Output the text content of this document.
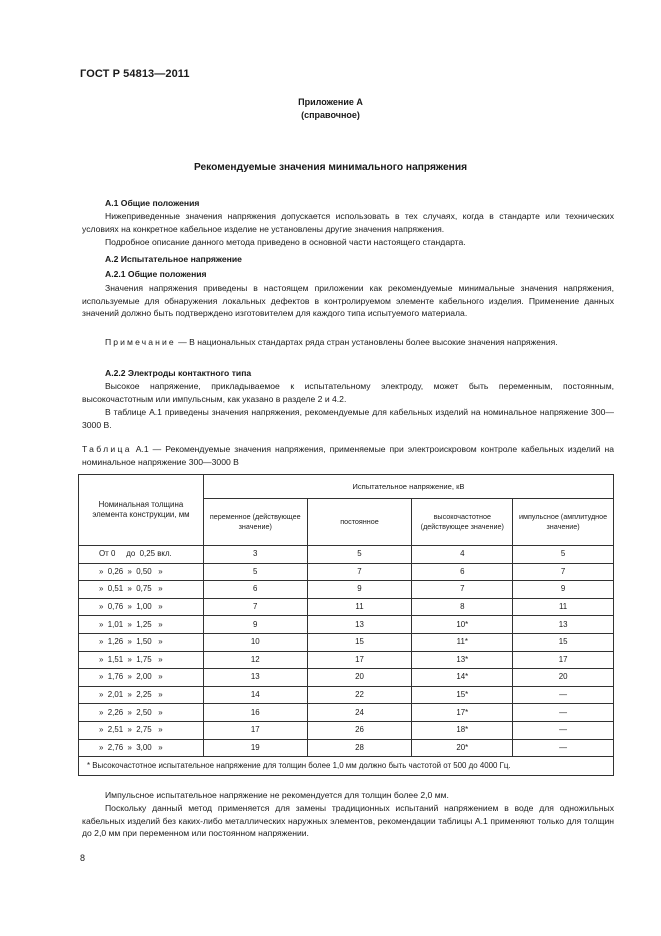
ГОСТ Р 54813—2011
Приложение А
(справочное)
Рекомендуемые значения минимального напряжения
А.1 Общие положения
Нижеприведенные значения напряжения допускается использовать в тех случаях, когда в стандарте или технических условиях на конкретное кабельное изделие не установлены другие значения напряжения.
Подробное описание данного метода приведено в основной части настоящего стандарта.
А.2 Испытательное напряжение
А.2.1 Общие положения
Значения напряжения приведены в настоящем приложении как рекомендуемые минимальные значения напряжения, используемые для обнаружения локальных дефектов в контролируемом элементе кабельного изделия. Применение данных значений должно быть подтверждено изготовителем для каждого типа испытуемого материала.
Примечание — В национальных стандартах ряда стран установлены более высокие значения напряжения.
А.2.2 Электроды контактного типа
Высокое напряжение, прикладываемое к испытательному электроду, может быть переменным, постоянным, высокочастотным или импульсным, как указано в разделе 2 и 4.2.
В таблице А.1 приведены значения напряжения, рекомендуемые для кабельных изделий на номинальное напряжение 300—3000 В.
Таблица А.1 — Рекомендуемые значения напряжения, применяемые при электроискровом контроле кабельных изделий на номинальное напряжение 300—3000 В
Номинальная толщина элемента конструкции, мм	Испытательное напряжение, кВ			
	переменное (действующее значение)	постоянное	высокочастотное (действующее значение)	импульсное (амплитудное значение)
От 0     до  0,25 вкл.	3	5	4	5
»  0,26  »  0,50   »	5	7	6	7
»  0,51  »  0,75   »	6	9	7	9
»  0,76  »  1,00   »	7	11	8	11
»  1,01  »  1,25   »	9	13	10*	13
»  1,26  »  1,50   »	10	15	11*	15
»  1,51  »  1,75   »	12	17	13*	17
»  1,76  »  2,00   »	13	20	14*	20
»  2,01  »  2,25   »	14	22	15*	—
»  2,26  »  2,50   »	16	24	17*	—
»  2,51  »  2,75   »	17	26	18*	—
»  2,76  »  3,00   »	19	28	20*	—
* Высокочастотное испытательное напряжение для толщин более 1,0 мм должно быть частотой от 500 до 4000 Гц.				
Импульсное испытательное напряжение не рекомендуется для толщин более 2,0 мм.
Поскольку данный метод применяется для замены традиционных испытаний напряжением в воде для одножильных кабельных изделий без каких-либо металлических наружных элементов, рекомендации таблицы А.1 применяют только для толщин до 2,0 мм при переменном или постоянном напряжении.
8
